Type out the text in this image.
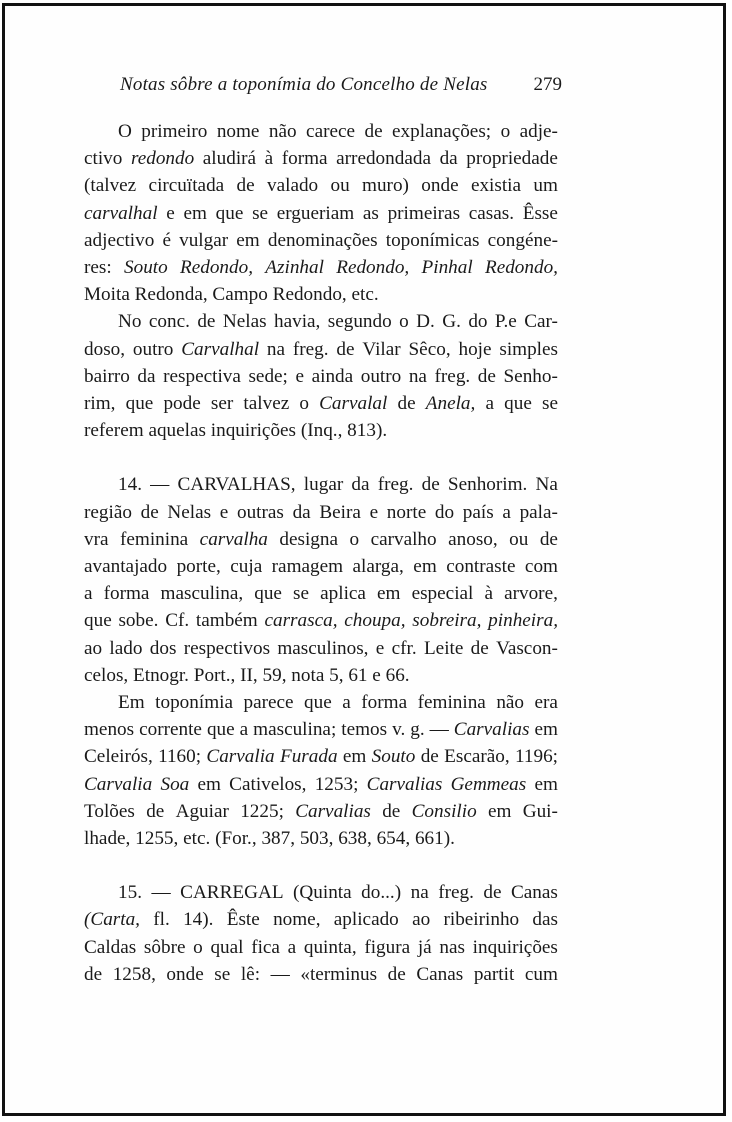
Notas sôbre a toponímia do Concelho de Nelas 279
O primeiro nome não carece de explanações; o adje-
ctivo redondo aludirá à forma arredondada da propriedade
(talvez circuïtada de valado ou muro) onde existia um
carvalhal e em que se ergueriam as primeiras casas. Êsse
adjectivo é vulgar em denominações toponímicas congéne-
res: Souto Redondo, Azinhal Redondo, Pinhal Redondo,
Moita Redonda, Campo Redondo, etc.
No conc. de Nelas havia, segundo o D. G. do P.e Car-
doso, outro Carvalhal na freg. de Vilar Sêco, hoje simples
bairro da respectiva sede; e ainda outro na freg. de Senho-
rim, que pode ser talvez o Carvalal de Anela, a que se
referem aquelas inquirições (Inq., 813).
14. — CARVALHAS, lugar da freg. de Senhorim. Na
região de Nelas e outras da Beira e norte do país a pala-
vra feminina carvalha designa o carvalho anoso, ou de
avantajado porte, cuja ramagem alarga, em contraste com
a forma masculina, que se aplica em especial à arvore,
que sobe. Cf. também carrasca, choupa, sobreira, pinheira,
ao lado dos respectivos masculinos, e cfr. Leite de Vascon-
celos, Etnogr. Port., II, 59, nota 5, 61 e 66.
Em toponímia parece que a forma feminina não era
menos corrente que a masculina; temos v. g. — Carvalias em
Celeirós, 1160; Carvalia Furada em Souto de Escarão, 1196;
Carvalia Soa em Cativelos, 1253; Carvalias Gemmeas em
Tolões de Aguiar 1225; Carvalias de Consilio em Gui-
lhade, 1255, etc. (For., 387, 503, 638, 654, 661).
15. — CARREGAL (Quinta do...) na freg. de Canas
(Carta, fl. 14). Êste nome, aplicado ao ribeirinho das
Caldas sôbre o qual fica a quinta, figura já nas inquirições
de 1258, onde se lê: — «terminus de Canas partit cum
